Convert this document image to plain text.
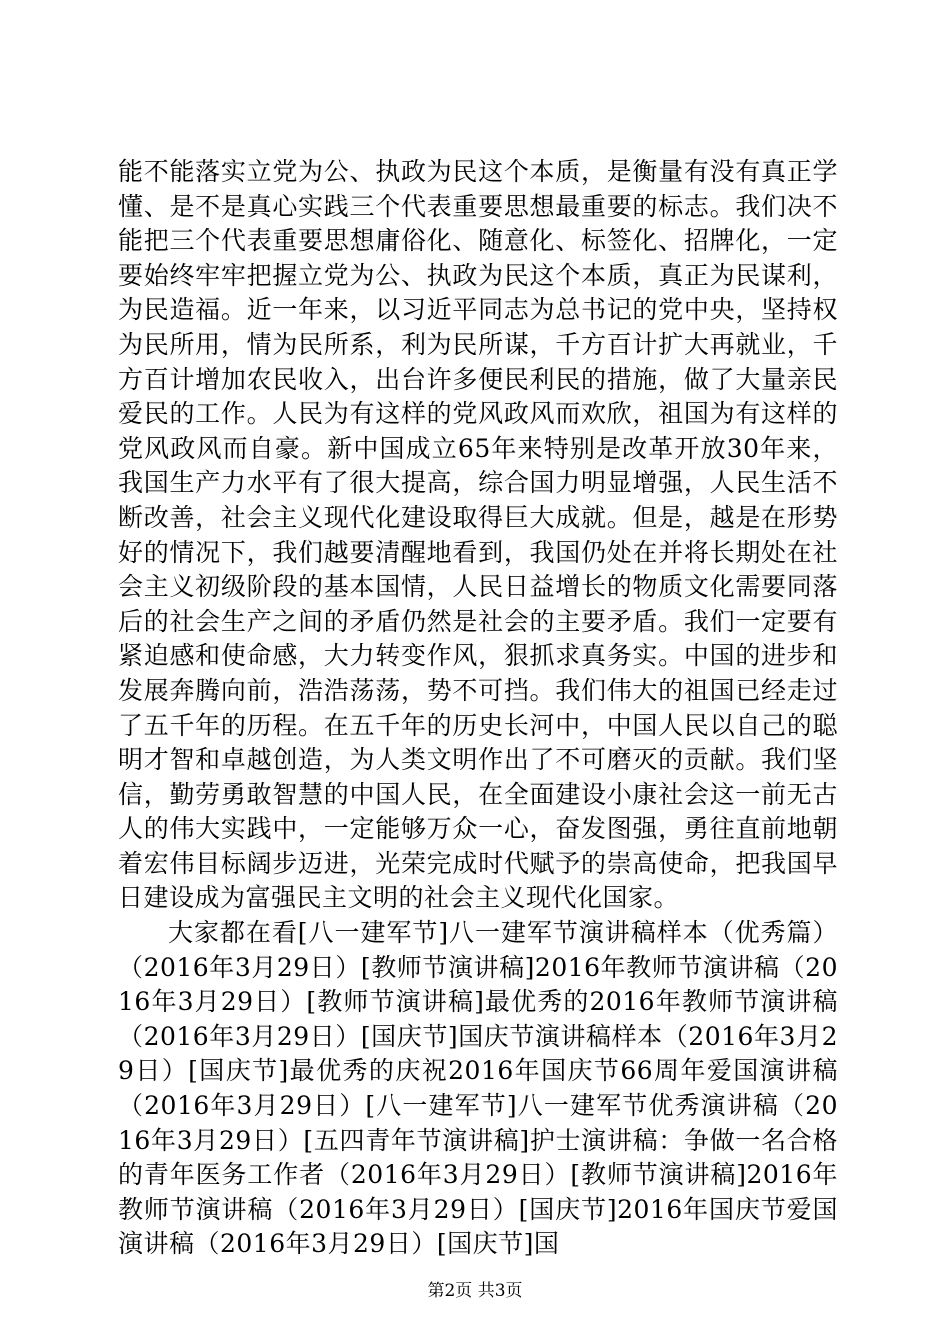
能不能落实立党为公、执政为民这个本质，是衡量有没有真正学懂、是不是真心实践三个代表重要思想最重要的标志。我们决不能把三个代表重要思想庸俗化、随意化、标签化、招牌化，一定要始终牢牢把握立党为公、执政为民这个本质，真正为民谋利，为民造福。近一年来，以习近平同志为总书记的党中央，坚持权为民所用，情为民所系，利为民所谋，千方百计扩大再就业，千方百计增加农民收入，出台许多便民利民的措施，做了大量亲民爱民的工作。人民为有这样的党风政风而欢欣，祖国为有这样的党风政风而自豪。新中国成立65年来特别是改革开放30年来，我国生产力水平有了很大提高，综合国力明显增强，人民生活不断改善，社会主义现代化建设取得巨大成就。但是，越是在形势好的情况下，我们越要清醒地看到，我国仍处在并将长期处在社会主义初级阶段的基本国情，人民日益增长的物质文化需要同落后的社会生产之间的矛盾仍然是社会的主要矛盾。我们一定要有紧迫感和使命感，大力转变作风，狠抓求真务实。中国的进步和发展奔腾向前，浩浩荡荡，势不可挡。我们伟大的祖国已经走过了五千年的历程。在五千年的历史长河中，中国人民以自己的聪明才智和卓越创造，为人类文明作出了不可磨灭的贡献。我们坚信，勤劳勇敢智慧的中国人民，在全面建设小康社会这一前无古人的伟大实践中，一定能够万众一心，奋发图强，勇往直前地朝着宏伟目标阔步迈进，光荣完成时代赋予的崇高使命，把我国早日建设成为富强民主文明的社会主义现代化国家。

大家都在看[八一建军节]八一建军节演讲稿样本（优秀篇）（2016年3月29日）[教师节演讲稿]2016年教师节演讲稿（2016年3月29日）[教师节演讲稿]最优秀的2016年教师节演讲稿（2016年3月29日）[国庆节]国庆节演讲稿样本（2016年3月29日）[国庆节]最优秀的庆祝2016年国庆节66周年爱国演讲稿（2016年3月29日）[八一建军节]八一建军节优秀演讲稿（2016年3月29日）[五四青年节演讲稿]护士演讲稿：争做一名合格的青年医务工作者（2016年3月29日）[教师节演讲稿]2016年教师节演讲稿（2016年3月29日）[国庆节]2016年国庆节爱国演讲稿（2016年3月29日）[国庆节]国

第2页 共3页
